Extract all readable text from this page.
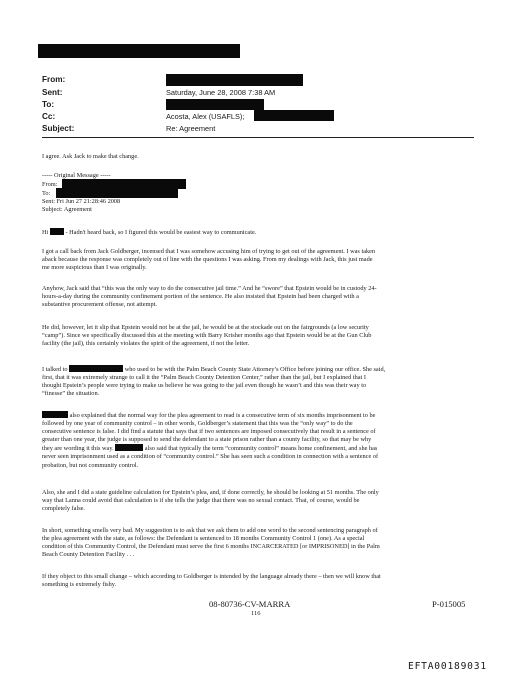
From:
Sent:	Saturday, June 28, 2008 7:38 AM
To:
Cc:	Acosta, Alex (USAFLS);
Subject:	Re: Agreement
I agree. Ask Jack to make that change.
----- Original Message -----
From:
To:
Sent: Fri Jun 27 21:28:46 2008
Subject: Agreement
Hi	- Hadn't heard back, so I figured this would be easiest way to communicate.
I got a call back from Jack Goldberger, incensed that I was somehow accusing him of trying to get out of the agreement. I was taken
aback because the response was completely out of line with the questions I was asking. From my dealings with Jack, this just made
me more suspicious than I was originally.
Anyhow, Jack said that “this was the only way to do the consecutive jail time.” And he “swore” that Epstein would be in custody 24-
hours-a-day during the community confinement portion of the sentence. He also insisted that Epstein had been charged with a
substantive procurement offense, not attempt.
He did, however, let it slip that Epstein would not be at the jail, he would be at the stockade out on the fairgrounds (a low security
“camp”). Since we specifically discussed this at the meeting with Barry Krisher months ago that Epstein would be at the Gun Club
facility (the jail), this certainly violates the spirit of the agreement, if not the letter.
I talked to	who used to be with the Palm Beach County State Attorney’s Office before joining our office. She said,
first, that it was extremely strange to call it the “Palm Beach County Detention Center,” rather than the jail, but I explained that I
thought Epstein’s people were trying to make us believe he was going to the jail even though he wasn’t and this was their way to
“finesse” the situation.
also explained that the normal way for the plea agreement to read is a consecutive term of six months imprisonment to be
followed by one year of community control – in other words, Goldberger’s statement that this was the “only way” to do the
consecutive sentence is false. I did find a statute that says that if two sentences are imposed consecutively that result in a sentence of
greater than one year, the judge is supposed to send the defendant to a state prison rather than a county facility, so that may be why
they are wording it this way.	also said that typically the term “community control” means home confinement, and she has
never seen imprisonment used as a condition of “community control.” She has seen such a condition in connection with a sentence of
probation, but not community control.
Also, she and I did a state guideline calculation for Epstein’s plea, and, if done correctly, he should be looking at 51 months. The only
way that Lanna could avoid that calculation is if she tells the judge that there was no sexual contact. That, of course, would be
completely false.
In short, something smells very bad. My suggestion is to ask that we ask them to add one word to the second sentencing paragraph of
the plea agreement with the state, as follows: the Defendant is sentenced to 18 months Community Control 1 (one). As a special
condition of this Community Control, the Defendant must serve the first 6 months INCARCERATED [or IMPRISONED] in the Palm
Beach County Detention Facility . . .
If they object to this small change – which according to Goldberger is intended by the language already there – then we will know that
something is extremely fishy.
08-80736-CV-MARRA
116
P-015005
EFTA00189031
